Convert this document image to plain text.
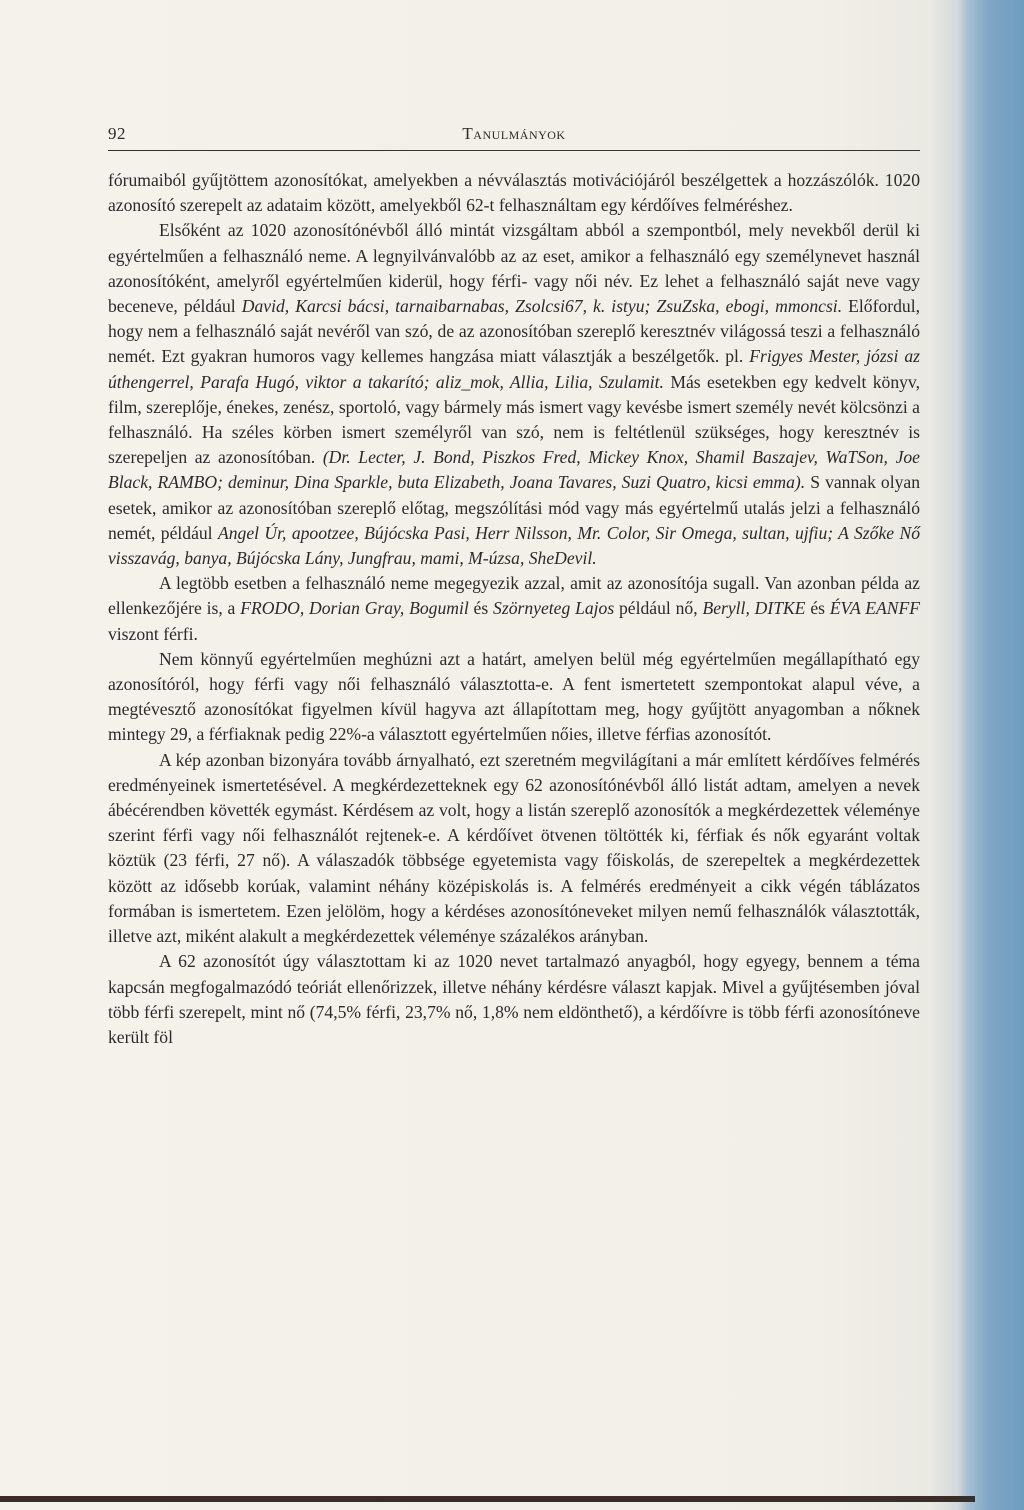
92	Tanulmányok

fórumaiból gyűjtöttem azonosítókat, amelyekben a névválasztás motivációjáról beszélgettek a hozzászólók. 1020 azonosító szerepelt az adataim között, amelyekből 62-t felhasználtam egy kérdőíves felméréshez.

Elsőként az 1020 azonosítónévből álló mintát vizsgáltam abból a szempontból, mely nevekből derül ki egyértelműen a felhasználó neme. A legnyilvánvalóbb az az eset, amikor a felhasználó egy személynevet használ azonosítóként, amelyről egyértelműen kiderül, hogy férfi- vagy női név. Ez lehet a felhasználó saját neve vagy beceneve, például David, Karcsi bácsi, tarnaibarnabas, Zsolcsi67, k. istyu; ZsuZska, ebogi, mmoncsi. Előfordul, hogy nem a felhasználó saját nevéről van szó, de az azonosítóban szereplő keresztnév világossá teszi a felhasználó nemét. Ezt gyakran humoros vagy kellemes hangzása miatt választják a beszélgetők. pl. Frigyes Mester, józsi az úthengerrel, Parafa Hugó, viktor a takarító; aliz_mok, Allia, Lilia, Szulamit. Más esetekben egy kedvelt könyv, film, szereplője, énekes, zenész, sportoló, vagy bármely más ismert vagy kevésbe ismert személy nevét kölcsönzi a felhasználó. Ha széles körben ismert személyről van szó, nem is feltétlenül szükséges, hogy keresztnév is szerepeljen az azonosítóban. (Dr. Lecter, J. Bond, Piszkos Fred, Mickey Knox, Shamil Baszajev, WaTSon, Joe Black, RAMBO; deminur, Dina Sparkle, buta Elizabeth, Joana Tavares, Suzi Quatro, kicsi emma). S vannak olyan esetek, amikor az azonosítóban szereplő előtag, megszólítási mód vagy más egyértelmű utalás jelzi a felhasználó nemét, például Angel Úr, apootzee, Bújócska Pasi, Herr Nilsson, Mr. Color, Sir Omega, sultan, ujfiu; A Szőke Nő visszavág, banya, Bújócska Lány, Jungfrau, mami, M-úzsa, SheDevil.

A legtöbb esetben a felhasználó neme megegyezik azzal, amit az azonosítója sugall. Van azonban példa az ellenkezőjére is, a FRODO, Dorian Gray, Bogumil és Szörnyeteg Lajos például nő, Beryll, DITKE és ÉVA EANFF viszont férfi.

Nem könnyű egyértelműen meghúzni azt a határt, amelyen belül még egyértelműen megállapítható egy azonosítóról, hogy férfi vagy női felhasználó választotta-e. A fent ismertetett szempontokat alapul véve, a megtévesztő azonosítókat figyelmen kívül hagyva azt állapítottam meg, hogy gyűjtött anyagomban a nőknek mintegy 29, a férfiaknak pedig 22%-a választott egyértelműen nőies, illetve férfias azonosítót.

A kép azonban bizonyára tovább árnyalható, ezt szeretném megvilágítani a már említett kérdőíves felmérés eredményeinek ismertetésével. A megkérdezetteknek egy 62 azonosítónévből álló listát adtam, amelyen a nevek ábécérendben követték egymást. Kérdésem az volt, hogy a listán szereplő azonosítók a megkérdezettek véleménye szerint férfi vagy női felhasználót rejtenek-e. A kérdőívet ötvenen töltötték ki, férfiak és nők egyaránt voltak köztük (23 férfi, 27 nő). A válaszadók többsége egyetemista vagy főiskolás, de szerepeltek a megkérdezettek között az idősebb korúak, valamint néhány középiskolás is. A felmérés eredményeit a cikk végén táblázatos formában is ismertetem. Ezen jelölöm, hogy a kérdéses azonosítóneveket milyen nemű felhasználók választották, illetve azt, miként alakult a megkérdezettek véleménye százalékos arányban.

A 62 azonosítót úgy választottam ki az 1020 nevet tartalmazó anyagból, hogy egyegy, bennem a téma kapcsán megfogalmazódó teóriát ellenőrizzek, illetve néhány kérdésre választ kapjak. Mivel a gyűjtésemben jóval több férfi szerepelt, mint nő (74,5% férfi, 23,7% nő, 1,8% nem eldönthető), a kérdőívre is több férfi azonosítóneve került föl
